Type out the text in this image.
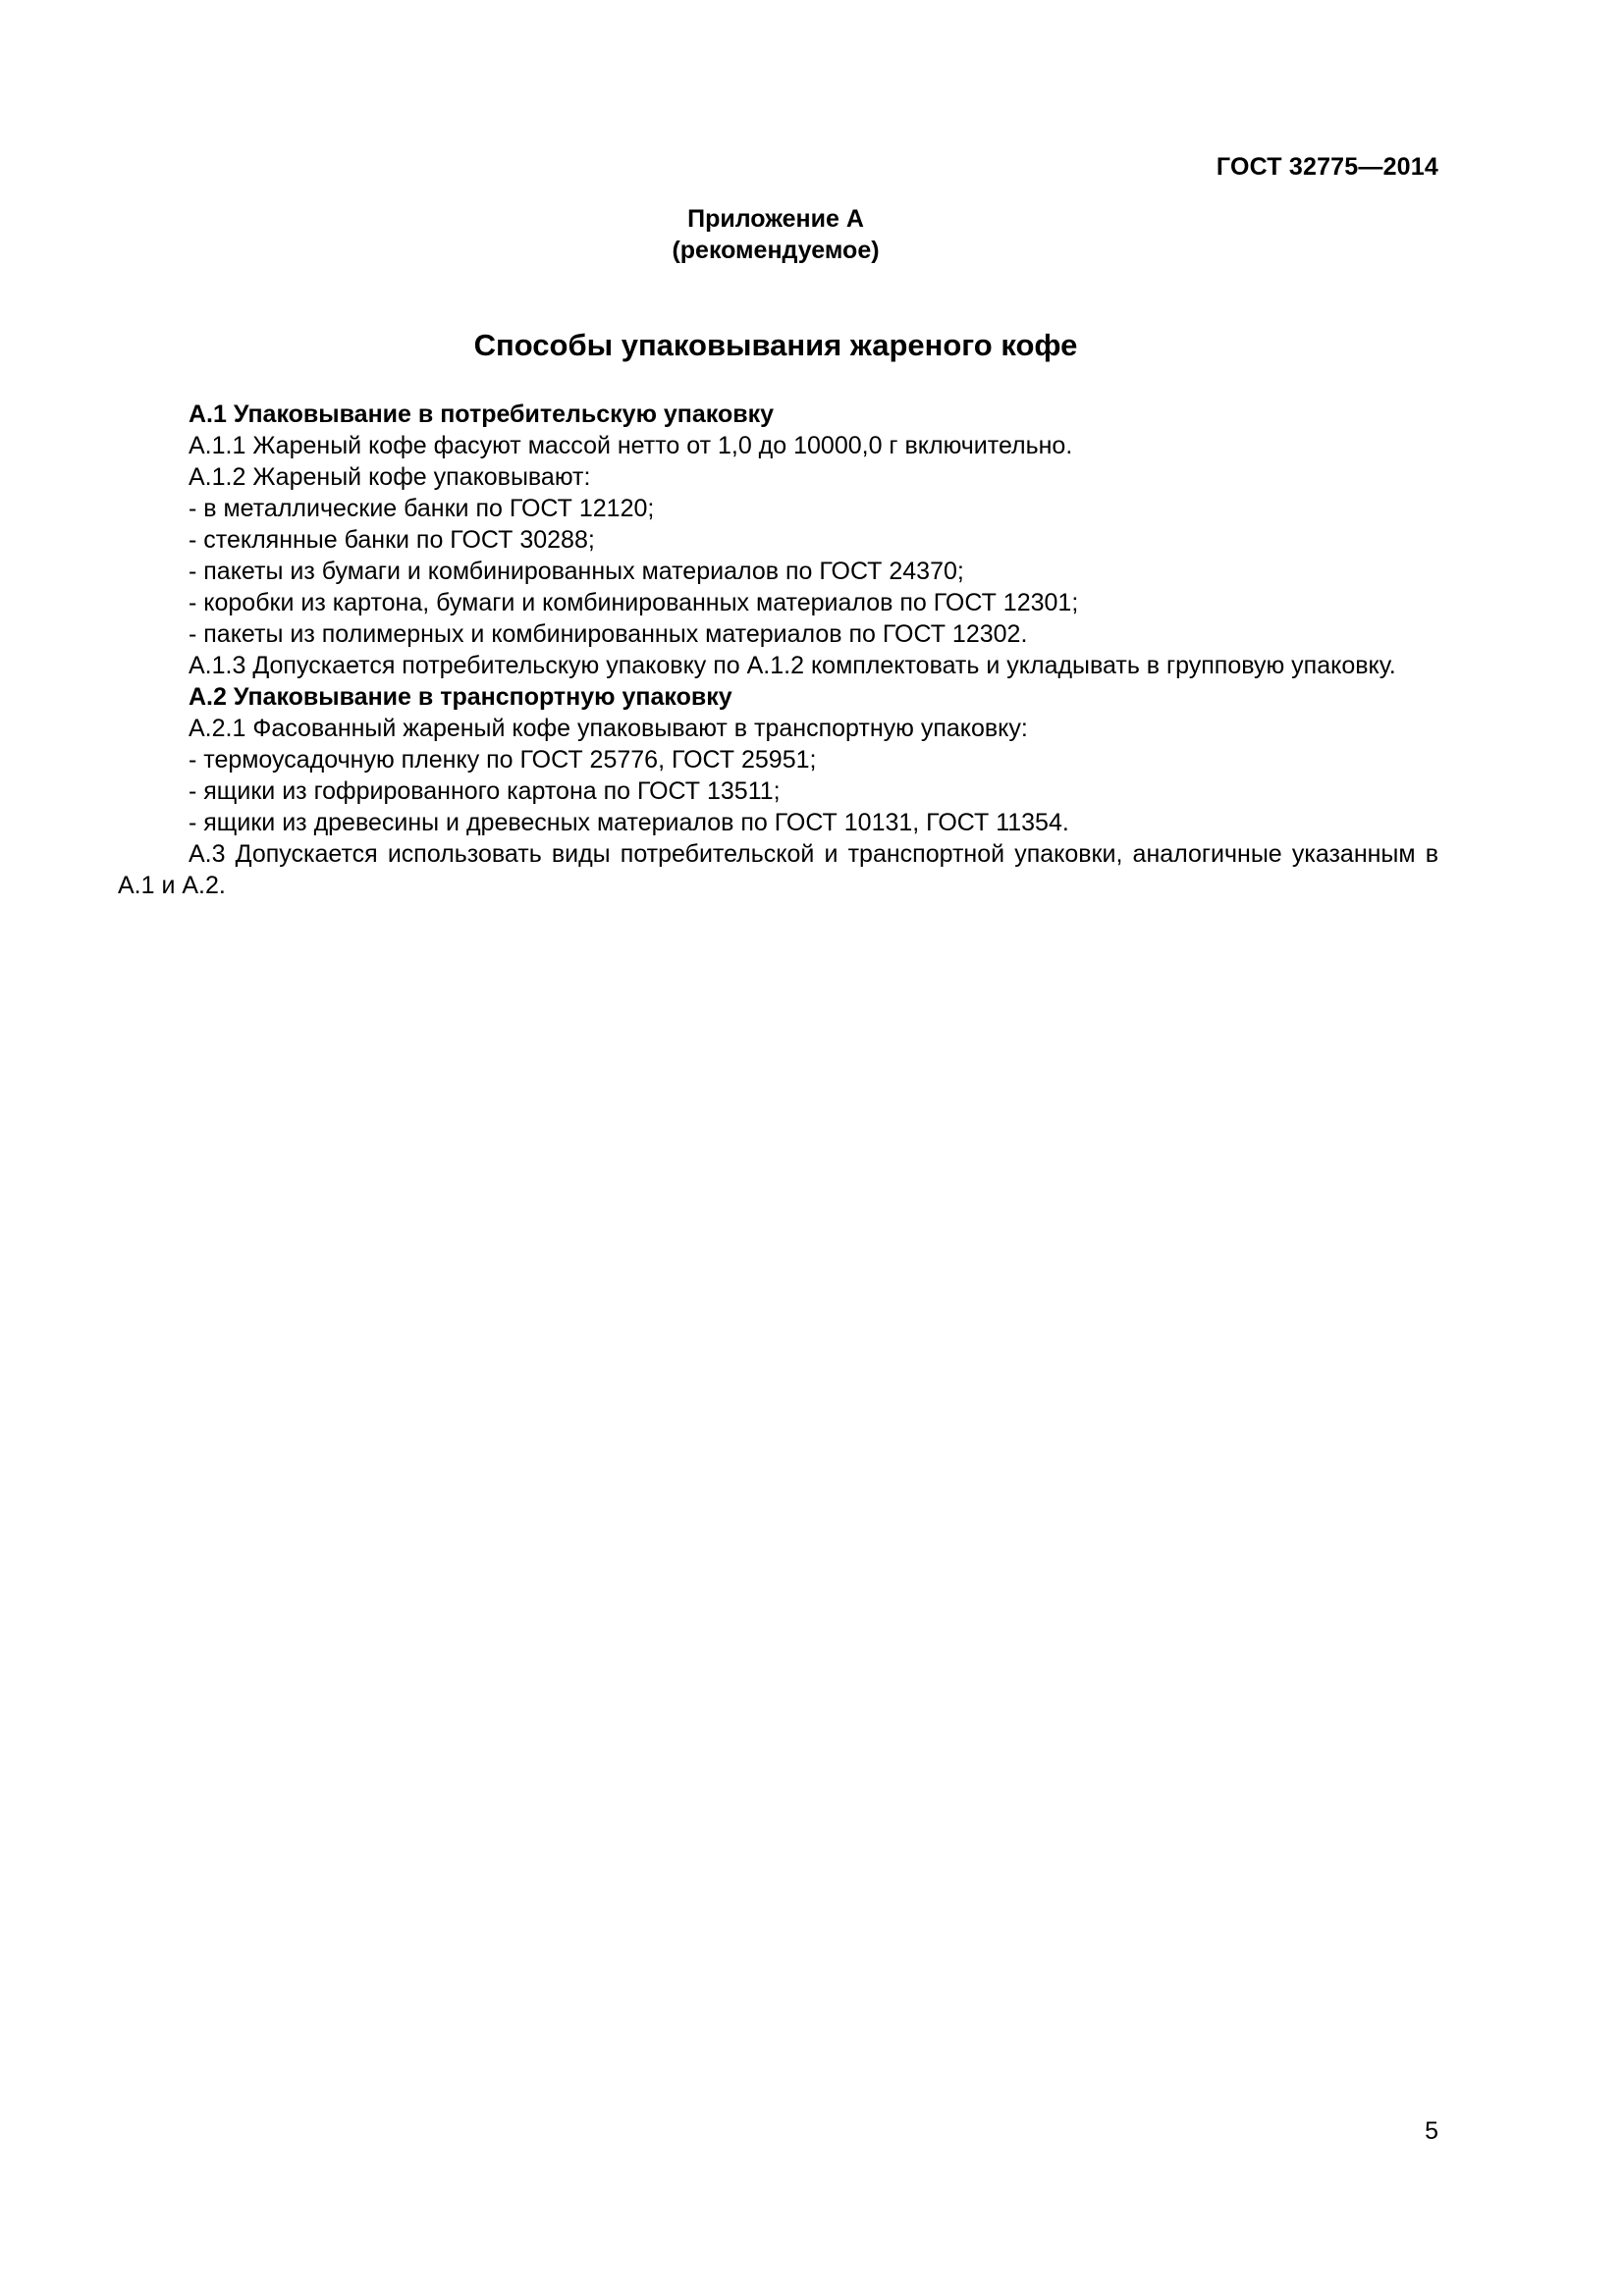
ГОСТ 32775—2014
Приложение А
(рекомендуемое)
Способы упаковывания жареного кофе

А.1 Упаковывание в потребительскую упаковку

А.1.1 Жареный кофе фасуют массой нетто от 1,0 до 10000,0 г включительно.

А.1.2 Жареный кофе упаковывают:

- в металлические банки по ГОСТ 12120;

- стеклянные банки по ГОСТ 30288;

- пакеты из бумаги и комбинированных материалов по ГОСТ 24370;

- коробки из картона, бумаги и комбинированных материалов по ГОСТ 12301;

- пакеты из полимерных и комбинированных материалов по ГОСТ 12302.

А.1.3 Допускается потребительскую упаковку по А.1.2 комплектовать и укладывать в групповую упаковку.

А.2 Упаковывание в транспортную упаковку

А.2.1 Фасованный жареный кофе упаковывают в транспортную упаковку:

- термоусадочную пленку по ГОСТ 25776, ГОСТ 25951;

- ящики из гофрированного картона по ГОСТ 13511;

- ящики из древесины и древесных материалов по ГОСТ 10131, ГОСТ 11354.

А.3 Допускается использовать виды потребительской и транспортной упаковки, аналогичные указанным в А.1 и А.2.

5
